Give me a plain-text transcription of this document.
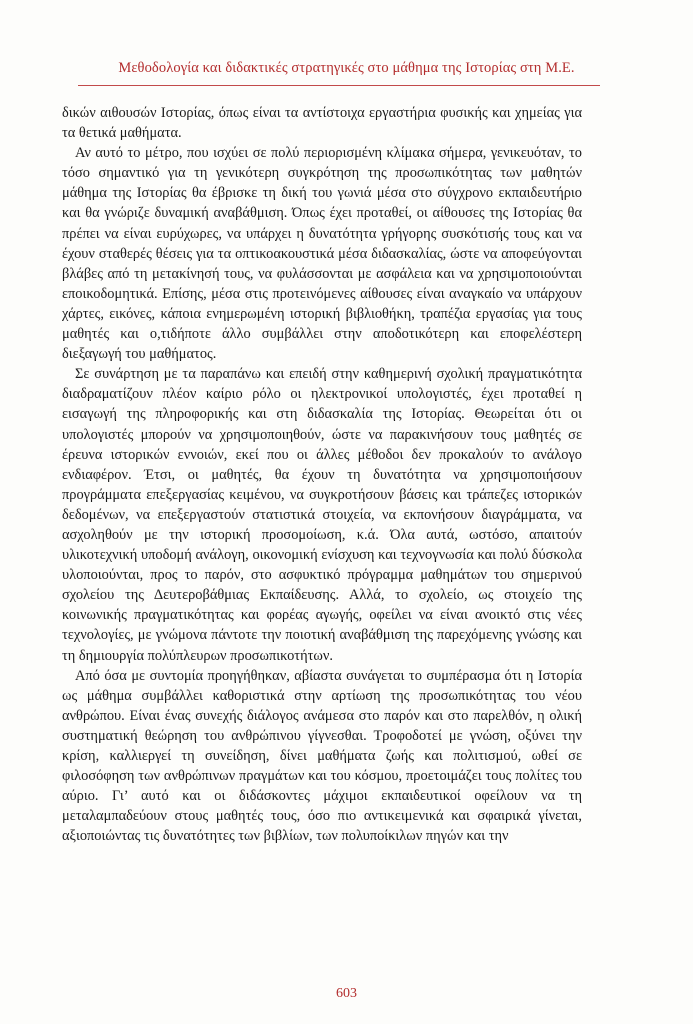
Μεθοδολογία και διδακτικές στρατηγικές στο μάθημα της Ιστορίας στη Μ.Ε.

δικών αιθουσών Ιστορίας, όπως είναι τα αντίστοιχα εργαστήρια φυσικής και χημείας για τα θετικά μαθήματα.

Αν αυτό το μέτρο, που ισχύει σε πολύ περιορισμένη κλίμακα σήμερα, γενικευόταν, το τόσο σημαντικό για τη γενικότερη συγκρότηση της προσωπικότητας των μαθητών μάθημα της Ιστορίας θα έβρισκε τη δική του γωνιά μέσα στο σύγχρονο εκπαιδευτήριο και θα γνώριζε δυναμική αναβάθμιση. Όπως έχει προταθεί, οι αίθουσες της Ιστορίας θα πρέπει να είναι ευρύχωρες, να υπάρχει η δυνατότητα γρήγορης συσκότισής τους και να έχουν σταθερές θέσεις για τα οπτικοακουστικά μέσα διδασκαλίας, ώστε να αποφεύγονται βλάβες από τη μετακίνησή τους, να φυλάσσονται με ασφάλεια και να χρησιμοποιούνται εποικοδομητικά. Επίσης, μέσα στις προτεινόμενες αίθουσες είναι αναγκαίο να υπάρχουν χάρτες, εικόνες, κάποια ενημερωμένη ιστορική βιβλιοθήκη, τραπέζια εργασίας για τους μαθητές και ο,τιδήποτε άλλο συμβάλλει στην αποδοτικότερη και εποφελέστερη διεξαγωγή του μαθήματος.

Σε συνάρτηση με τα παραπάνω και επειδή στην καθημερινή σχολική πραγματικότητα διαδραματίζουν πλέον καίριο ρόλο οι ηλεκτρονικοί υπολογιστές, έχει προταθεί η εισαγωγή της πληροφορικής και στη διδασκαλία της Ιστορίας. Θεωρείται ότι οι υπολογιστές μπορούν να χρησιμοποιηθούν, ώστε να παρακινήσουν τους μαθητές σε έρευνα ιστορικών εννοιών, εκεί που οι άλλες μέθοδοι δεν προκαλούν το ανάλογο ενδιαφέρον. Έτσι, οι μαθητές, θα έχουν τη δυνατότητα να χρησιμοποιήσουν προγράμματα επεξεργασίας κειμένου, να συγκροτήσουν βάσεις και τράπεζες ιστορικών δεδομένων, να επεξεργαστούν στατιστικά στοιχεία, να εκπονήσουν διαγράμματα, να ασχοληθούν με την ιστορική προσομοίωση, κ.ά. Όλα αυτά, ωστόσο, απαιτούν υλικοτεχνική υποδομή ανάλογη, οικονομική ενίσχυση και τεχνογνωσία και πολύ δύσκολα υλοποιούνται, προς το παρόν, στο ασφυκτικό πρόγραμμα μαθημάτων του σημερινού σχολείου της Δευτεροβάθμιας Εκπαίδευσης. Αλλά, το σχολείο, ως στοιχείο της κοινωνικής πραγματικότητας και φορέας αγωγής, οφείλει να είναι ανοικτό στις νέες τεχνολογίες, με γνώμονα πάντοτε την ποιοτική αναβάθμιση της παρεχόμενης γνώσης και τη δημιουργία πολύπλευρων προσωπικοτήτων.

Από όσα με συντομία προηγήθηκαν, αβίαστα συνάγεται το συμπέρασμα ότι η Ιστορία ως μάθημα συμβάλλει καθοριστικά στην αρτίωση της προσωπικότητας του νέου ανθρώπου. Είναι ένας συνεχής διάλογος ανάμεσα στο παρόν και στο παρελθόν, η ολική συστηματική θεώρηση του ανθρώπινου γίγνεσθαι. Τροφοδοτεί με γνώση, οξύνει την κρίση, καλλιεργεί τη συνείδηση, δίνει μαθήματα ζωής και πολιτισμού, ωθεί σε φιλοσόφηση των ανθρώπινων πραγμάτων και του κόσμου, προετοιμάζει τους πολίτες του αύριο. Γι’ αυτό και οι διδάσκοντες μάχιμοι εκπαιδευτικοί οφείλουν να τη μεταλαμπαδεύουν στους μαθητές τους, όσο πιο αντικειμενικά και σφαιρικά γίνεται, αξιοποιώντας τις δυνατότητες των βιβλίων, των πολυποίκιλων πηγών και την

603
